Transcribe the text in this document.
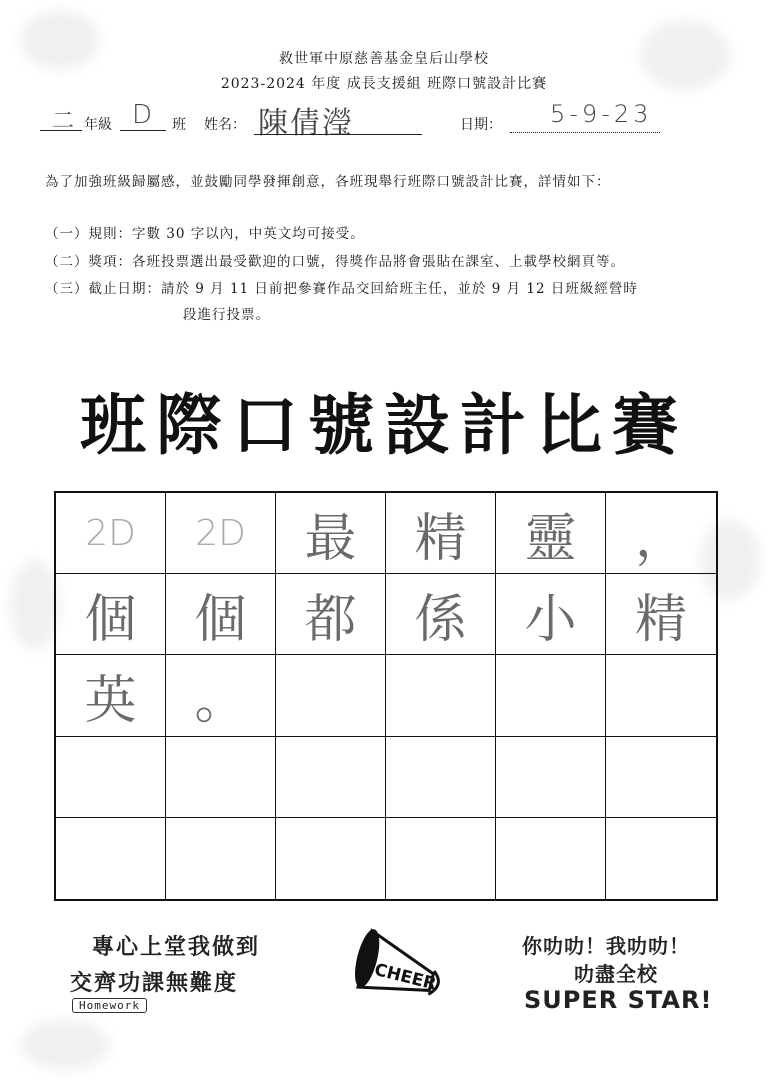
救世軍中原慈善基金皇后山學校
2023-2024 年度 成長支援組 班際口號設計比賽
二 年級 D 班 姓名： 陳倩瀅	日期： 5-9-23
為了加強班級歸屬感，並鼓勵同學發揮創意，各班現舉行班際口號設計比賽，詳情如下：
（一）規則：字數 30 字以內，中英文均可接受。
（二）獎項：各班投票選出最受歡迎的口號，得獎作品將會張貼在課室、上載學校網頁等。
（三）截止日期：請於 9 月 11 日前把參賽作品交回給班主任，並於 9 月 12 日班級經營時
段進行投票。
班際口號設計比賽
2D	2D	最	精	靈	，
個	個	都	係	小	精
英	。
專心上堂我做到
交齊功課無難度
Homework
CHEER
你叻叻！我叻叻！
叻盡全校
SUPER STAR!
